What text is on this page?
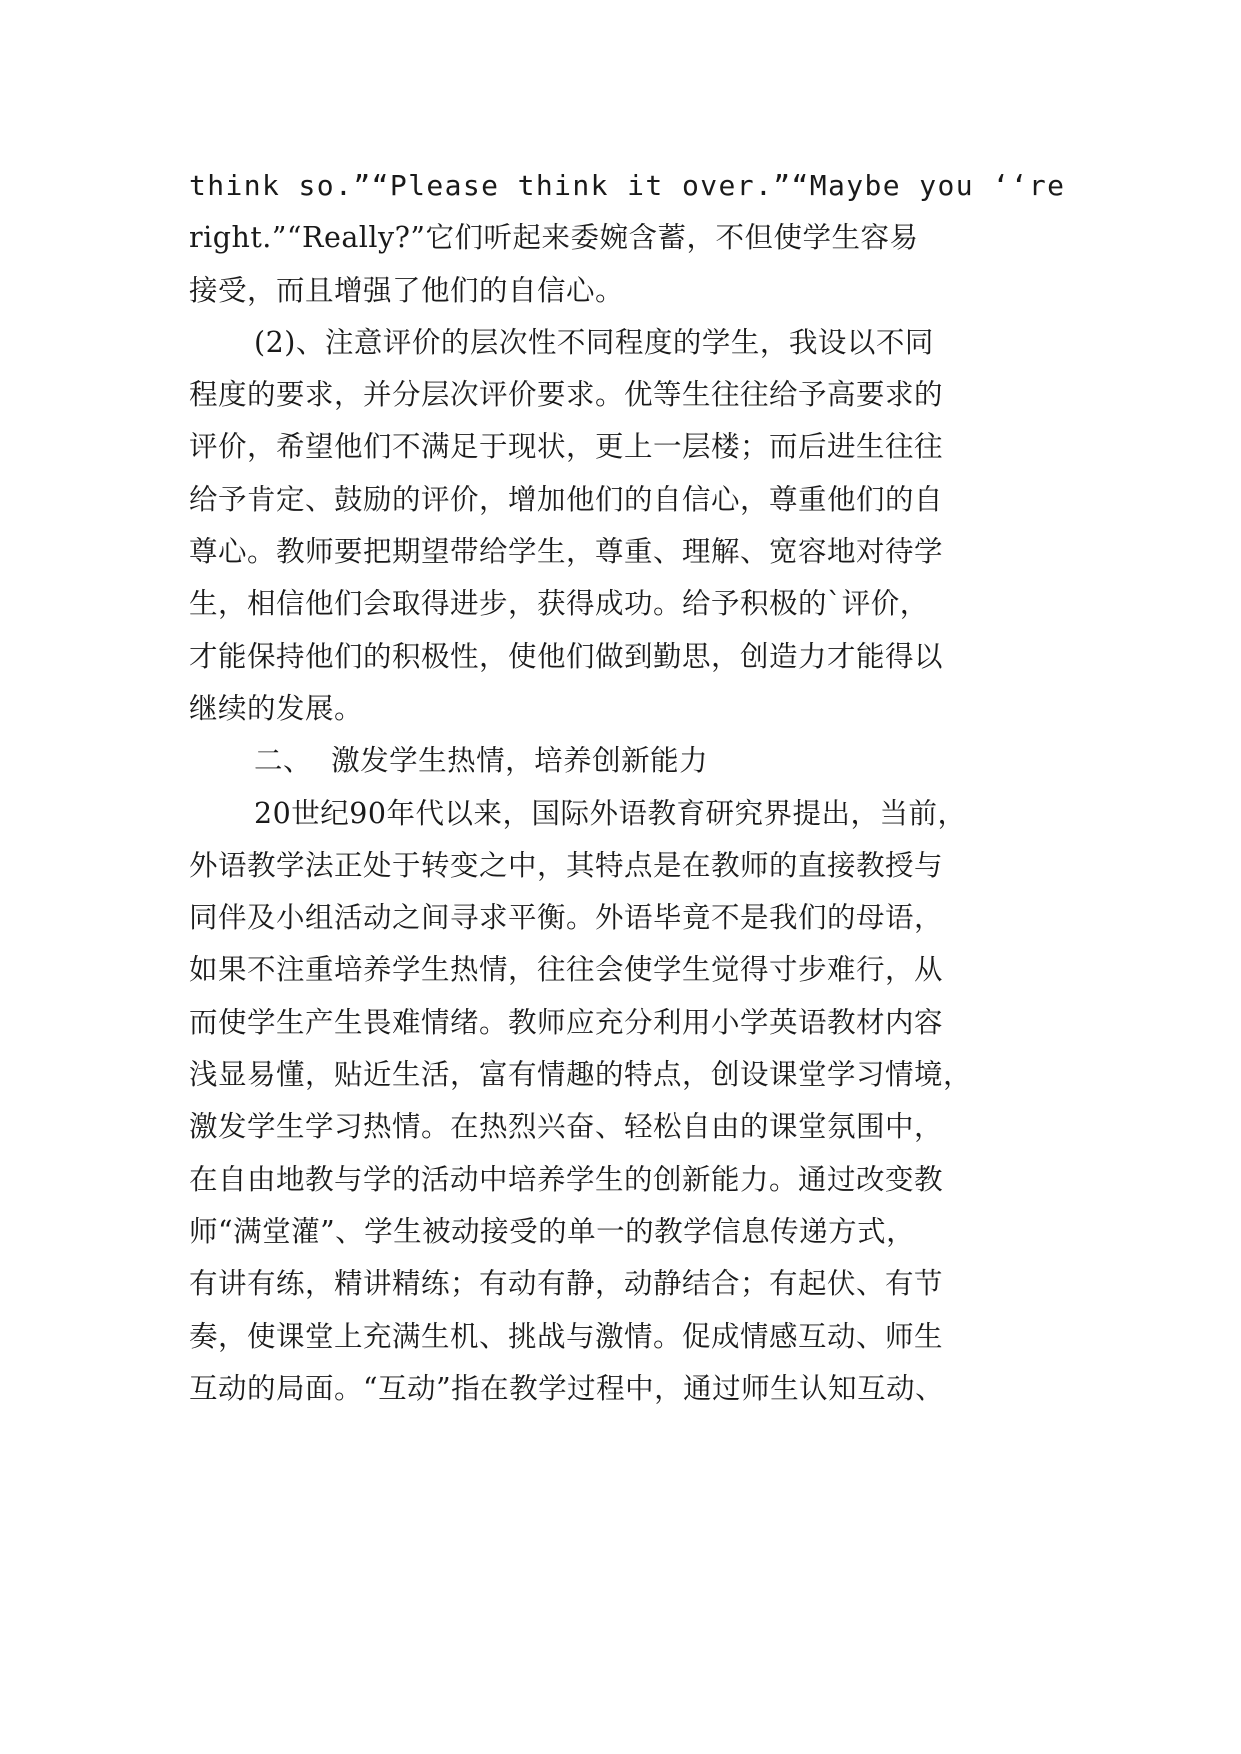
think so.”“Please think it over.”“Maybe you ‘‘re
right.”“Really?”它们听起来委婉含蓄，不但使学生容易
接受，而且增强了他们的自信心。
(2)、注意评价的层次性不同程度的学生，我设以不同
程度的要求，并分层次评价要求。优等生往往给予高要求的
评价，希望他们不满足于现状，更上一层楼；而后进生往往
给予肯定、鼓励的评价，增加他们的自信心，尊重他们的自
尊心。教师要把期望带给学生，尊重、理解、宽容地对待学
生，相信他们会取得进步，获得成功。给予积极的`评价，
才能保持他们的积极性，使他们做到勤思，创造力才能得以
继续的发展。
二、  激发学生热情，培养创新能力
20世纪90年代以来，国际外语教育研究界提出，当前，
外语教学法正处于转变之中，其特点是在教师的直接教授与
同伴及小组活动之间寻求平衡。外语毕竟不是我们的母语，
如果不注重培养学生热情，往往会使学生觉得寸步难行，从
而使学生产生畏难情绪。教师应充分利用小学英语教材内容
浅显易懂，贴近生活，富有情趣的特点，创设课堂学习情境，
激发学生学习热情。在热烈兴奋、轻松自由的课堂氛围中，
在自由地教与学的活动中培养学生的创新能力。通过改变教
师“满堂灌”、学生被动接受的单一的教学信息传递方式，
有讲有练，精讲精练；有动有静，动静结合；有起伏、有节
奏，使课堂上充满生机、挑战与激情。促成情感互动、师生
互动的局面。“互动”指在教学过程中，通过师生认知互动、
